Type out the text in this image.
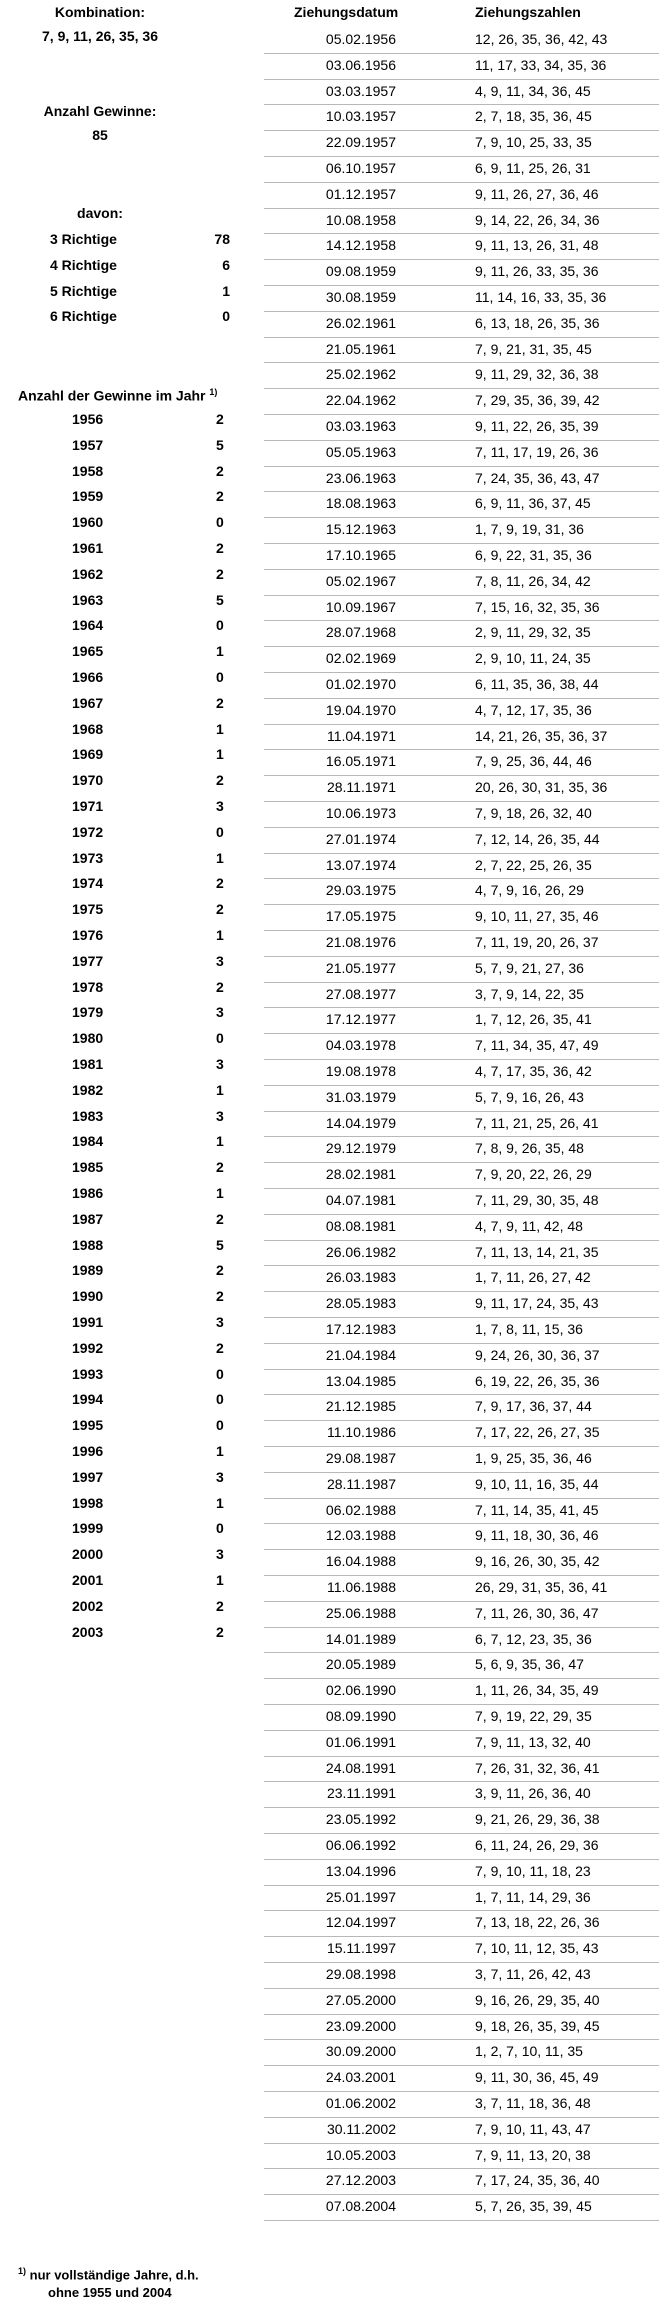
Kombination:
7, 9, 11, 26, 35, 36
Anzahl Gewinne:
85
davon:
3 Richtige	78
4 Richtige	6
5 Richtige	1
6 Richtige	0
Anzahl der Gewinne im Jahr $^{1)}$
1956	2
1957	5
1958	2
1959	2
1960	0
1961	2
1962	2
1963	5
1964	0
1965	1
1966	0
1967	2
1968	1
1969	1
1970	2
1971	3
1972	0
1973	1
1974	2
1975	2
1976	1
1977	3
1978	2
1979	3
1980	0
1981	3
1982	1
1983	3
1984	1
1985	2
1986	1
1987	2
1988	5
1989	2
1990	2
1991	3
1992	2
1993	0
1994	0
1995	0
1996	1
1997	3
1998	1
1999	0
2000	3
2001	1
2002	2
2003	2
Ziehungsdatum	Ziehungszahlen
05.02.1956	12, 26, 35, 36, 42, 43
03.06.1956	11, 17, 33, 34, 35, 36
03.03.1957	4, 9, 11, 34, 36, 45
10.03.1957	2, 7, 18, 35, 36, 45
22.09.1957	7, 9, 10, 25, 33, 35
06.10.1957	6, 9, 11, 25, 26, 31
01.12.1957	9, 11, 26, 27, 36, 46
10.08.1958	9, 14, 22, 26, 34, 36
14.12.1958	9, 11, 13, 26, 31, 48
09.08.1959	9, 11, 26, 33, 35, 36
30.08.1959	11, 14, 16, 33, 35, 36
26.02.1961	6, 13, 18, 26, 35, 36
21.05.1961	7, 9, 21, 31, 35, 45
25.02.1962	9, 11, 29, 32, 36, 38
22.04.1962	7, 29, 35, 36, 39, 42
03.03.1963	9, 11, 22, 26, 35, 39
05.05.1963	7, 11, 17, 19, 26, 36
23.06.1963	7, 24, 35, 36, 43, 47
18.08.1963	6, 9, 11, 36, 37, 45
15.12.1963	1, 7, 9, 19, 31, 36
17.10.1965	6, 9, 22, 31, 35, 36
05.02.1967	7, 8, 11, 26, 34, 42
10.09.1967	7, 15, 16, 32, 35, 36
28.07.1968	2, 9, 11, 29, 32, 35
02.02.1969	2, 9, 10, 11, 24, 35
01.02.1970	6, 11, 35, 36, 38, 44
19.04.1970	4, 7, 12, 17, 35, 36
11.04.1971	14, 21, 26, 35, 36, 37
16.05.1971	7, 9, 25, 36, 44, 46
28.11.1971	20, 26, 30, 31, 35, 36
10.06.1973	7, 9, 18, 26, 32, 40
27.01.1974	7, 12, 14, 26, 35, 44
13.07.1974	2, 7, 22, 25, 26, 35
29.03.1975	4, 7, 9, 16, 26, 29
17.05.1975	9, 10, 11, 27, 35, 46
21.08.1976	7, 11, 19, 20, 26, 37
21.05.1977	5, 7, 9, 21, 27, 36
27.08.1977	3, 7, 9, 14, 22, 35
17.12.1977	1, 7, 12, 26, 35, 41
04.03.1978	7, 11, 34, 35, 47, 49
19.08.1978	4, 7, 17, 35, 36, 42
31.03.1979	5, 7, 9, 16, 26, 43
14.04.1979	7, 11, 21, 25, 26, 41
29.12.1979	7, 8, 9, 26, 35, 48
28.02.1981	7, 9, 20, 22, 26, 29
04.07.1981	7, 11, 29, 30, 35, 48
08.08.1981	4, 7, 9, 11, 42, 48
26.06.1982	7, 11, 13, 14, 21, 35
26.03.1983	1, 7, 11, 26, 27, 42
28.05.1983	9, 11, 17, 24, 35, 43
17.12.1983	1, 7, 8, 11, 15, 36
21.04.1984	9, 24, 26, 30, 36, 37
13.04.1985	6, 19, 22, 26, 35, 36
21.12.1985	7, 9, 17, 36, 37, 44
11.10.1986	7, 17, 22, 26, 27, 35
29.08.1987	1, 9, 25, 35, 36, 46
28.11.1987	9, 10, 11, 16, 35, 44
06.02.1988	7, 11, 14, 35, 41, 45
12.03.1988	9, 11, 18, 30, 36, 46
16.04.1988	9, 16, 26, 30, 35, 42
11.06.1988	26, 29, 31, 35, 36, 41
25.06.1988	7, 11, 26, 30, 36, 47
14.01.1989	6, 7, 12, 23, 35, 36
20.05.1989	5, 6, 9, 35, 36, 47
02.06.1990	1, 11, 26, 34, 35, 49
08.09.1990	7, 9, 19, 22, 29, 35
01.06.1991	7, 9, 11, 13, 32, 40
24.08.1991	7, 26, 31, 32, 36, 41
23.11.1991	3, 9, 11, 26, 36, 40
23.05.1992	9, 21, 26, 29, 36, 38
06.06.1992	6, 11, 24, 26, 29, 36
13.04.1996	7, 9, 10, 11, 18, 23
25.01.1997	1, 7, 11, 14, 29, 36
12.04.1997	7, 13, 18, 22, 26, 36
15.11.1997	7, 10, 11, 12, 35, 43
29.08.1998	3, 7, 11, 26, 42, 43
27.05.2000	9, 16, 26, 29, 35, 40
23.09.2000	9, 18, 26, 35, 39, 45
30.09.2000	1, 2, 7, 10, 11, 35
24.03.2001	9, 11, 30, 36, 45, 49
01.06.2002	3, 7, 11, 18, 36, 48
30.11.2002	7, 9, 10, 11, 43, 47
10.05.2003	7, 9, 11, 13, 20, 38
27.12.2003	7, 17, 24, 35, 36, 40
07.08.2004	5, 7, 26, 35, 39, 45
$^{1)}$ nur vollständige Jahre, d.h.
ohne 1955 und 2004
